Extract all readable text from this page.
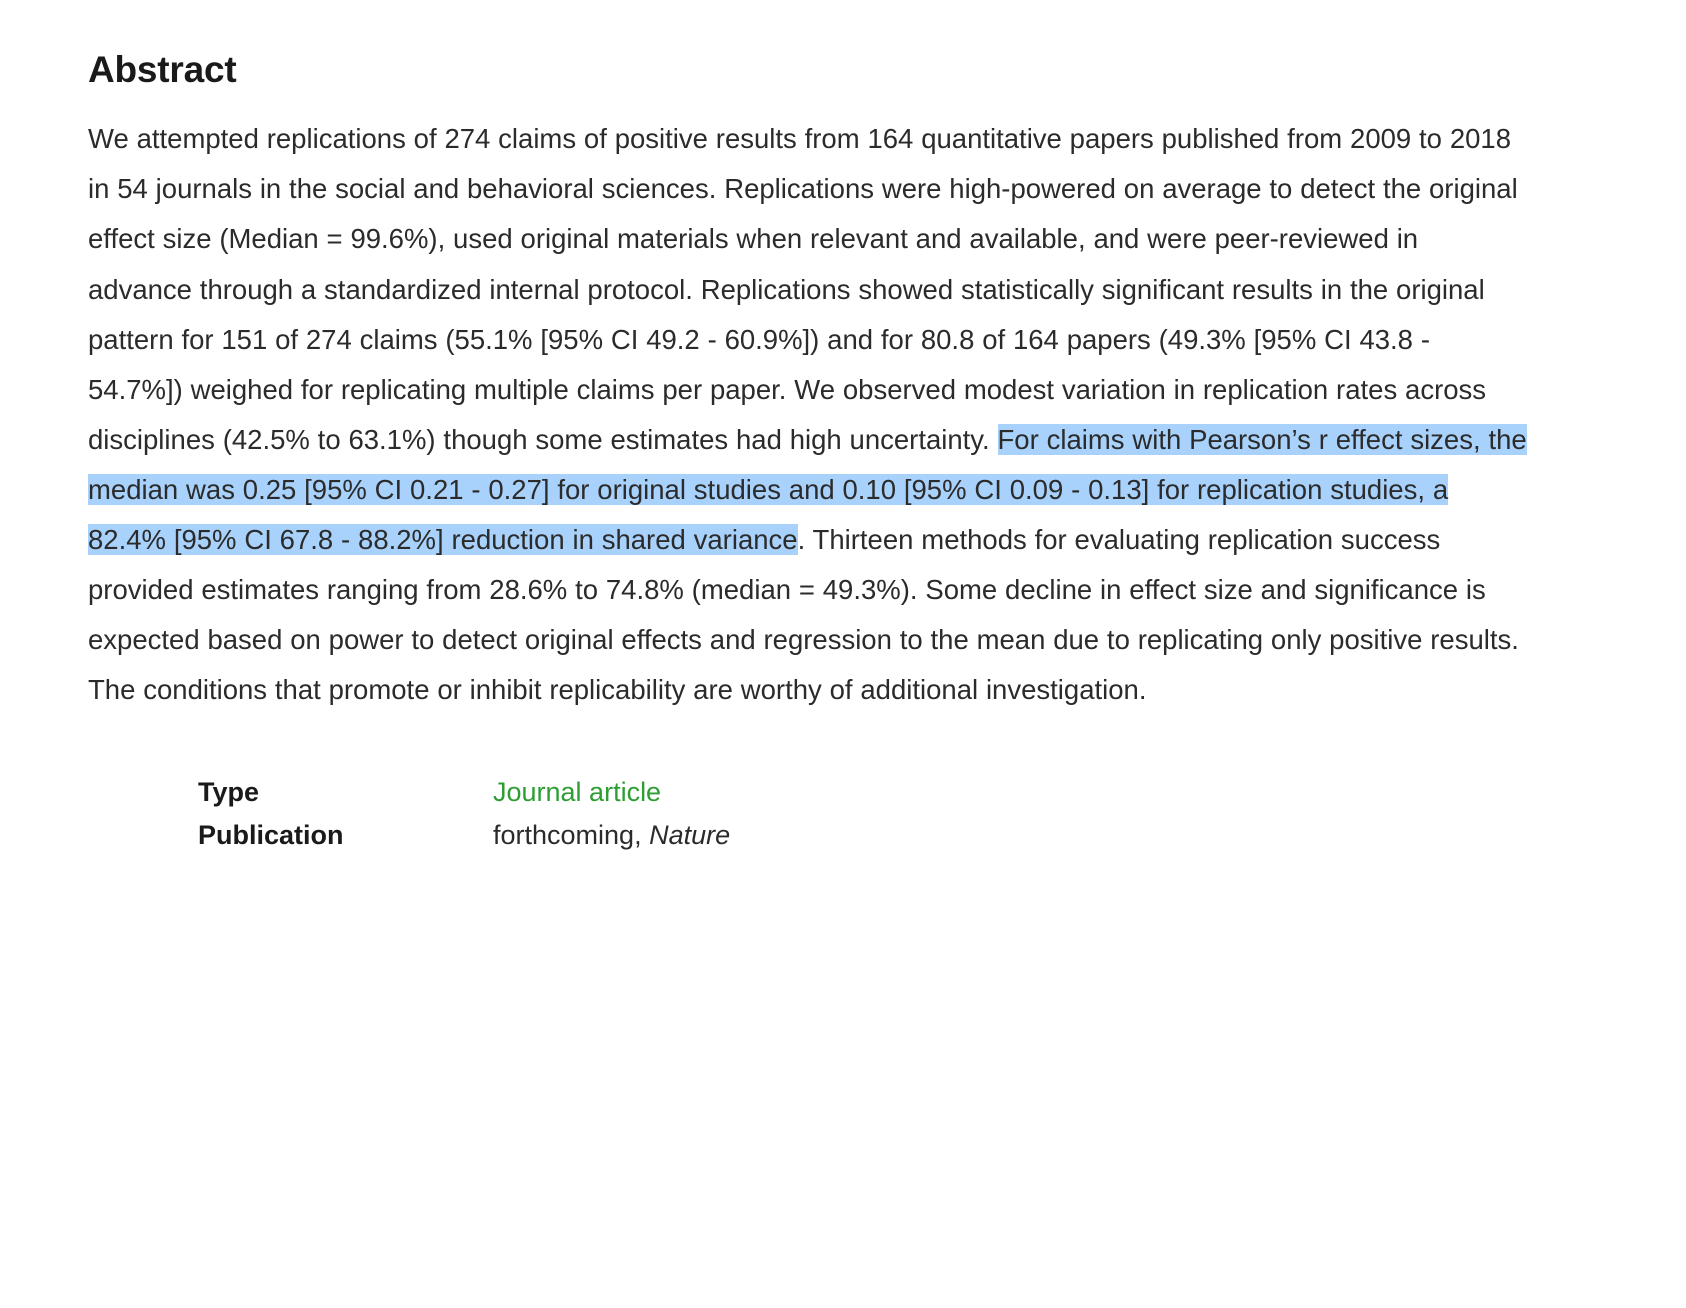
Abstract

We attempted replications of 274 claims of positive results from 164 quantitative papers published from 2009 to 2018 in 54 journals in the social and behavioral sciences. Replications were high-powered on average to detect the original effect size (Median = 99.6%), used original materials when relevant and available, and were peer-reviewed in advance through a standardized internal protocol. Replications showed statistically significant results in the original pattern for 151 of 274 claims (55.1% [95% CI 49.2 - 60.9%]) and for 80.8 of 164 papers (49.3% [95% CI 43.8 - 54.7%]) weighed for replicating multiple claims per paper. We observed modest variation in replication rates across disciplines (42.5% to 63.1%) though some estimates had high uncertainty. For claims with Pearson’s r effect sizes, the median was 0.25 [95% CI 0.21 - 0.27] for original studies and 0.10 [95% CI 0.09 - 0.13] for replication studies, a 82.4% [95% CI 67.8 - 88.2%] reduction in shared variance. Thirteen methods for evaluating replication success provided estimates ranging from 28.6% to 74.8% (median = 49.3%). Some decline in effect size and significance is expected based on power to detect original effects and regression to the mean due to replicating only positive results. The conditions that promote or inhibit replicability are worthy of additional investigation.

Type	Journal article
Publication	forthcoming, Nature
